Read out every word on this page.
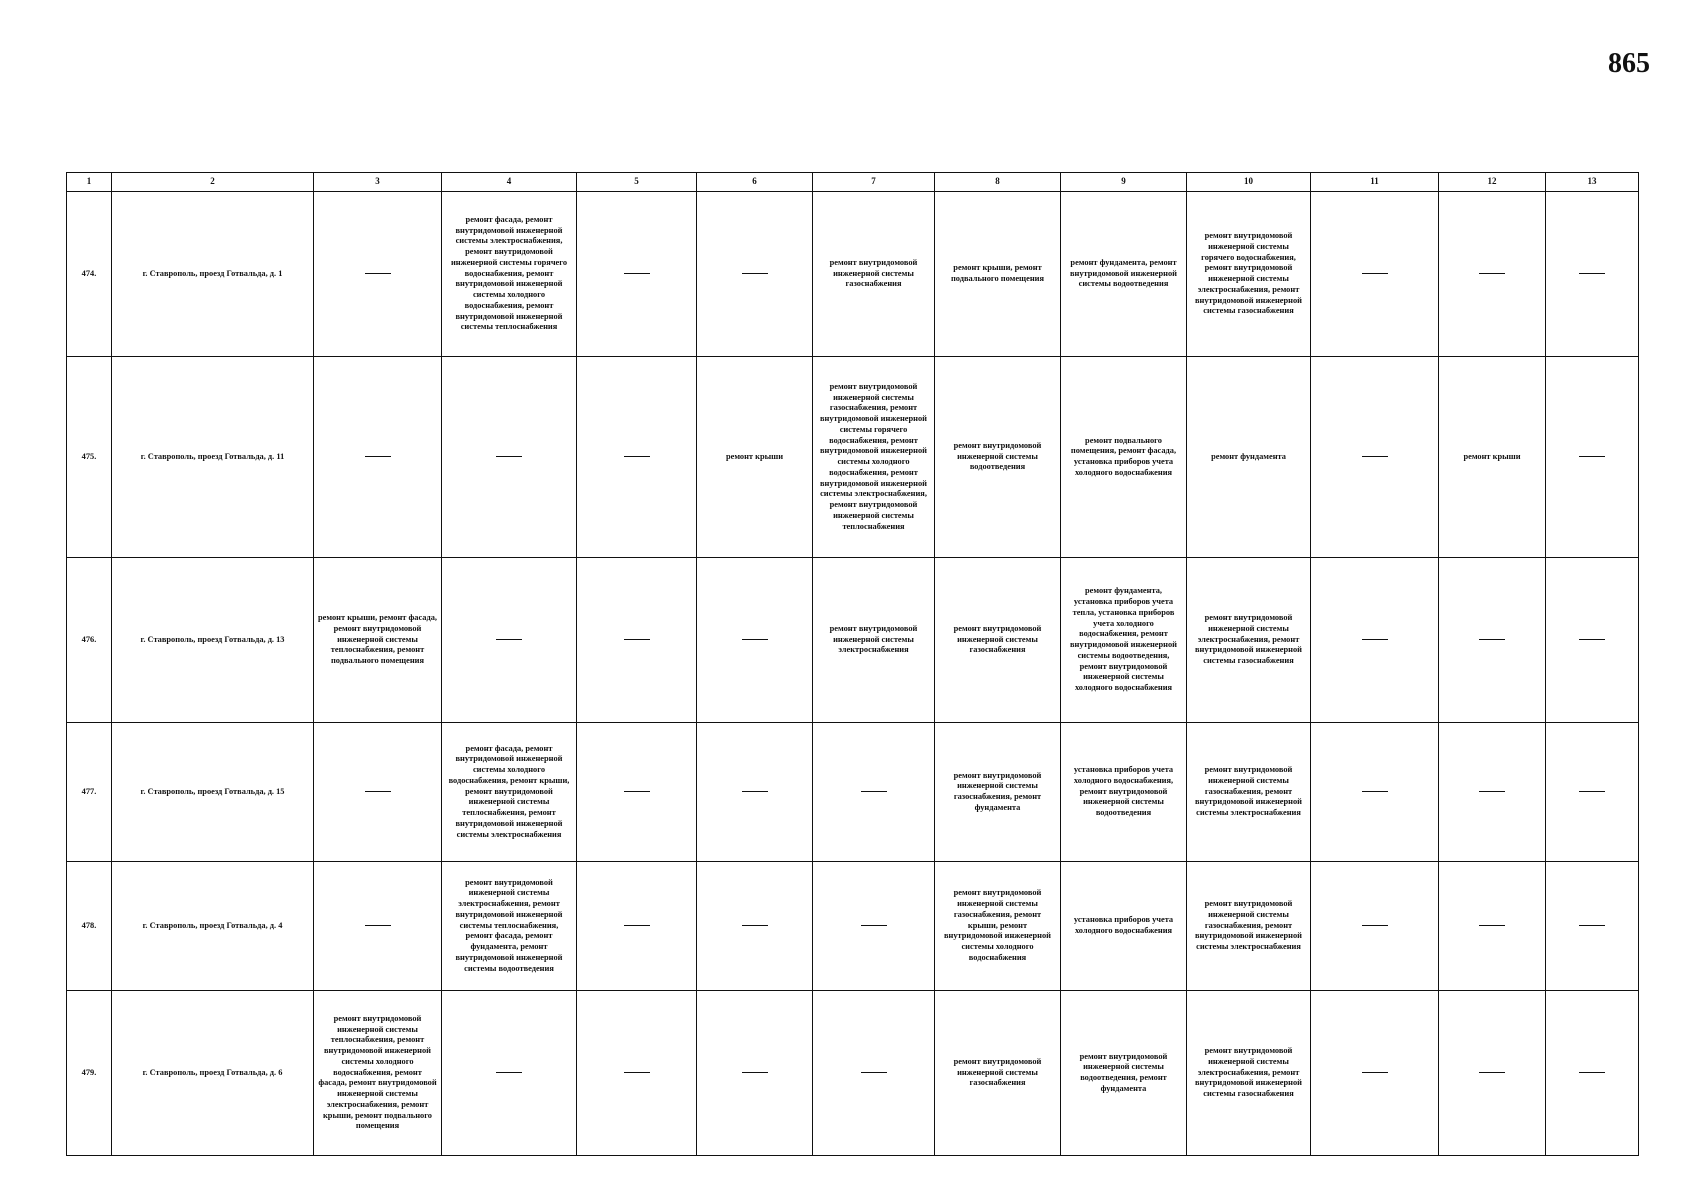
865
1	2	3	4	5	6	7	8	9	10	11	12	13
474.	г. Ставрополь, проезд Готвальда, д. 1		ремонт фасада, ремонт внутридомовой инженерной системы электроснабжения, ремонт внутридомовой инженерной системы горячего водоснабжения, ремонт внутридомовой инженерной системы холодного водоснабжения, ремонт внутридомовой инженерной системы теплоснабжения			ремонт внутридомовой инженерной системы газоснабжения	ремонт крыши, ремонт подвального помещения	ремонт фундамента, ремонт внутридомовой инженерной системы водоотведения	ремонт внутридомовой инженерной системы горячего водоснабжения, ремонт внутридомовой инженерной системы электроснабжения, ремонт внутридомовой инженерной системы газоснабжения			
475.	г. Ставрополь, проезд Готвальда, д. 11				ремонт крыши	ремонт внутридомовой инженерной системы газоснабжения, ремонт внутридомовой инженерной системы горячего водоснабжения, ремонт внутридомовой инженерной системы холодного водоснабжения, ремонт внутридомовой инженерной системы электроснабжения, ремонт внутридомовой инженерной системы теплоснабжения	ремонт внутридомовой инженерной системы водоотведения	ремонт подвального помещения, ремонт фасада, установка приборов учета холодного водоснабжения	ремонт фундамента		ремонт крыши	
476.	г. Ставрополь, проезд Готвальда, д. 13	ремонт крыши, ремонт фасада, ремонт внутридомовой инженерной системы теплоснабжения, ремонт подвального помещения				ремонт внутридомовой инженерной системы электроснабжения	ремонт внутридомовой инженерной системы газоснабжения	ремонт фундамента, установка приборов учета тепла, установка приборов учета холодного водоснабжения, ремонт внутридомовой инженерной системы водоотведения, ремонт внутридомовой инженерной системы холодного водоснабжения	ремонт внутридомовой инженерной системы электроснабжения, ремонт внутридомовой инженерной системы газоснабжения			
477.	г. Ставрополь, проезд Готвальда, д. 15		ремонт фасада, ремонт внутридомовой инженерной системы холодного водоснабжения, ремонт крыши, ремонт внутридомовой инженерной системы теплоснабжения, ремонт внутридомовой инженерной системы электроснабжения				ремонт внутридомовой инженерной системы газоснабжения, ремонт фундамента	установка приборов учета холодного водоснабжения, ремонт внутридомовой инженерной системы водоотведения	ремонт внутридомовой инженерной системы газоснабжения, ремонт внутридомовой инженерной системы электроснабжения			
478.	г. Ставрополь, проезд Готвальда, д. 4		ремонт внутридомовой инженерной системы электроснабжения, ремонт внутридомовой инженерной системы теплоснабжения, ремонт фасада, ремонт фундамента, ремонт внутридомовой инженерной системы водоотведения				ремонт внутридомовой инженерной системы газоснабжения, ремонт крыши, ремонт внутридомовой инженерной системы холодного водоснабжения	установка приборов учета холодного водоснабжения	ремонт внутридомовой инженерной системы газоснабжения, ремонт внутридомовой инженерной системы электроснабжения			
479.	г. Ставрополь, проезд Готвальда, д. 6	ремонт внутридомовой инженерной системы теплоснабжения, ремонт внутридомовой инженерной системы холодного водоснабжения, ремонт фасада, ремонт внутридомовой инженерной системы электроснабжения, ремонт крыши, ремонт подвального помещения					ремонт внутридомовой инженерной системы газоснабжения	ремонт внутридомовой инженерной системы водоотведения, ремонт фундамента	ремонт внутридомовой инженерной системы электроснабжения, ремонт внутридомовой инженерной системы газоснабжения			
